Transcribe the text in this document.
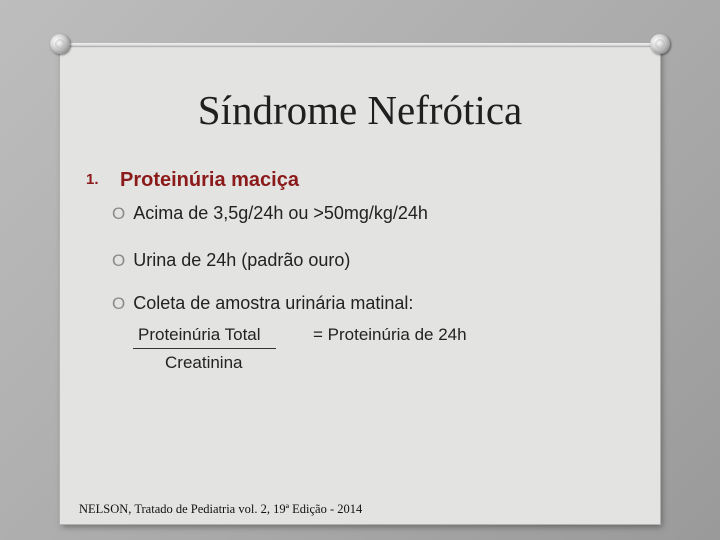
Síndrome Nefrótica
1. Proteinúria maciça
O Acima de 3,5g/24h ou >50mg/kg/24h
O Urina de 24h (padrão ouro)
O Coleta de amostra urinária matinal:
Proteinúria Total
Creatinina
= Proteinúria de 24h
NELSON, Tratado de Pediatria vol. 2, 19ª Edição - 2014
